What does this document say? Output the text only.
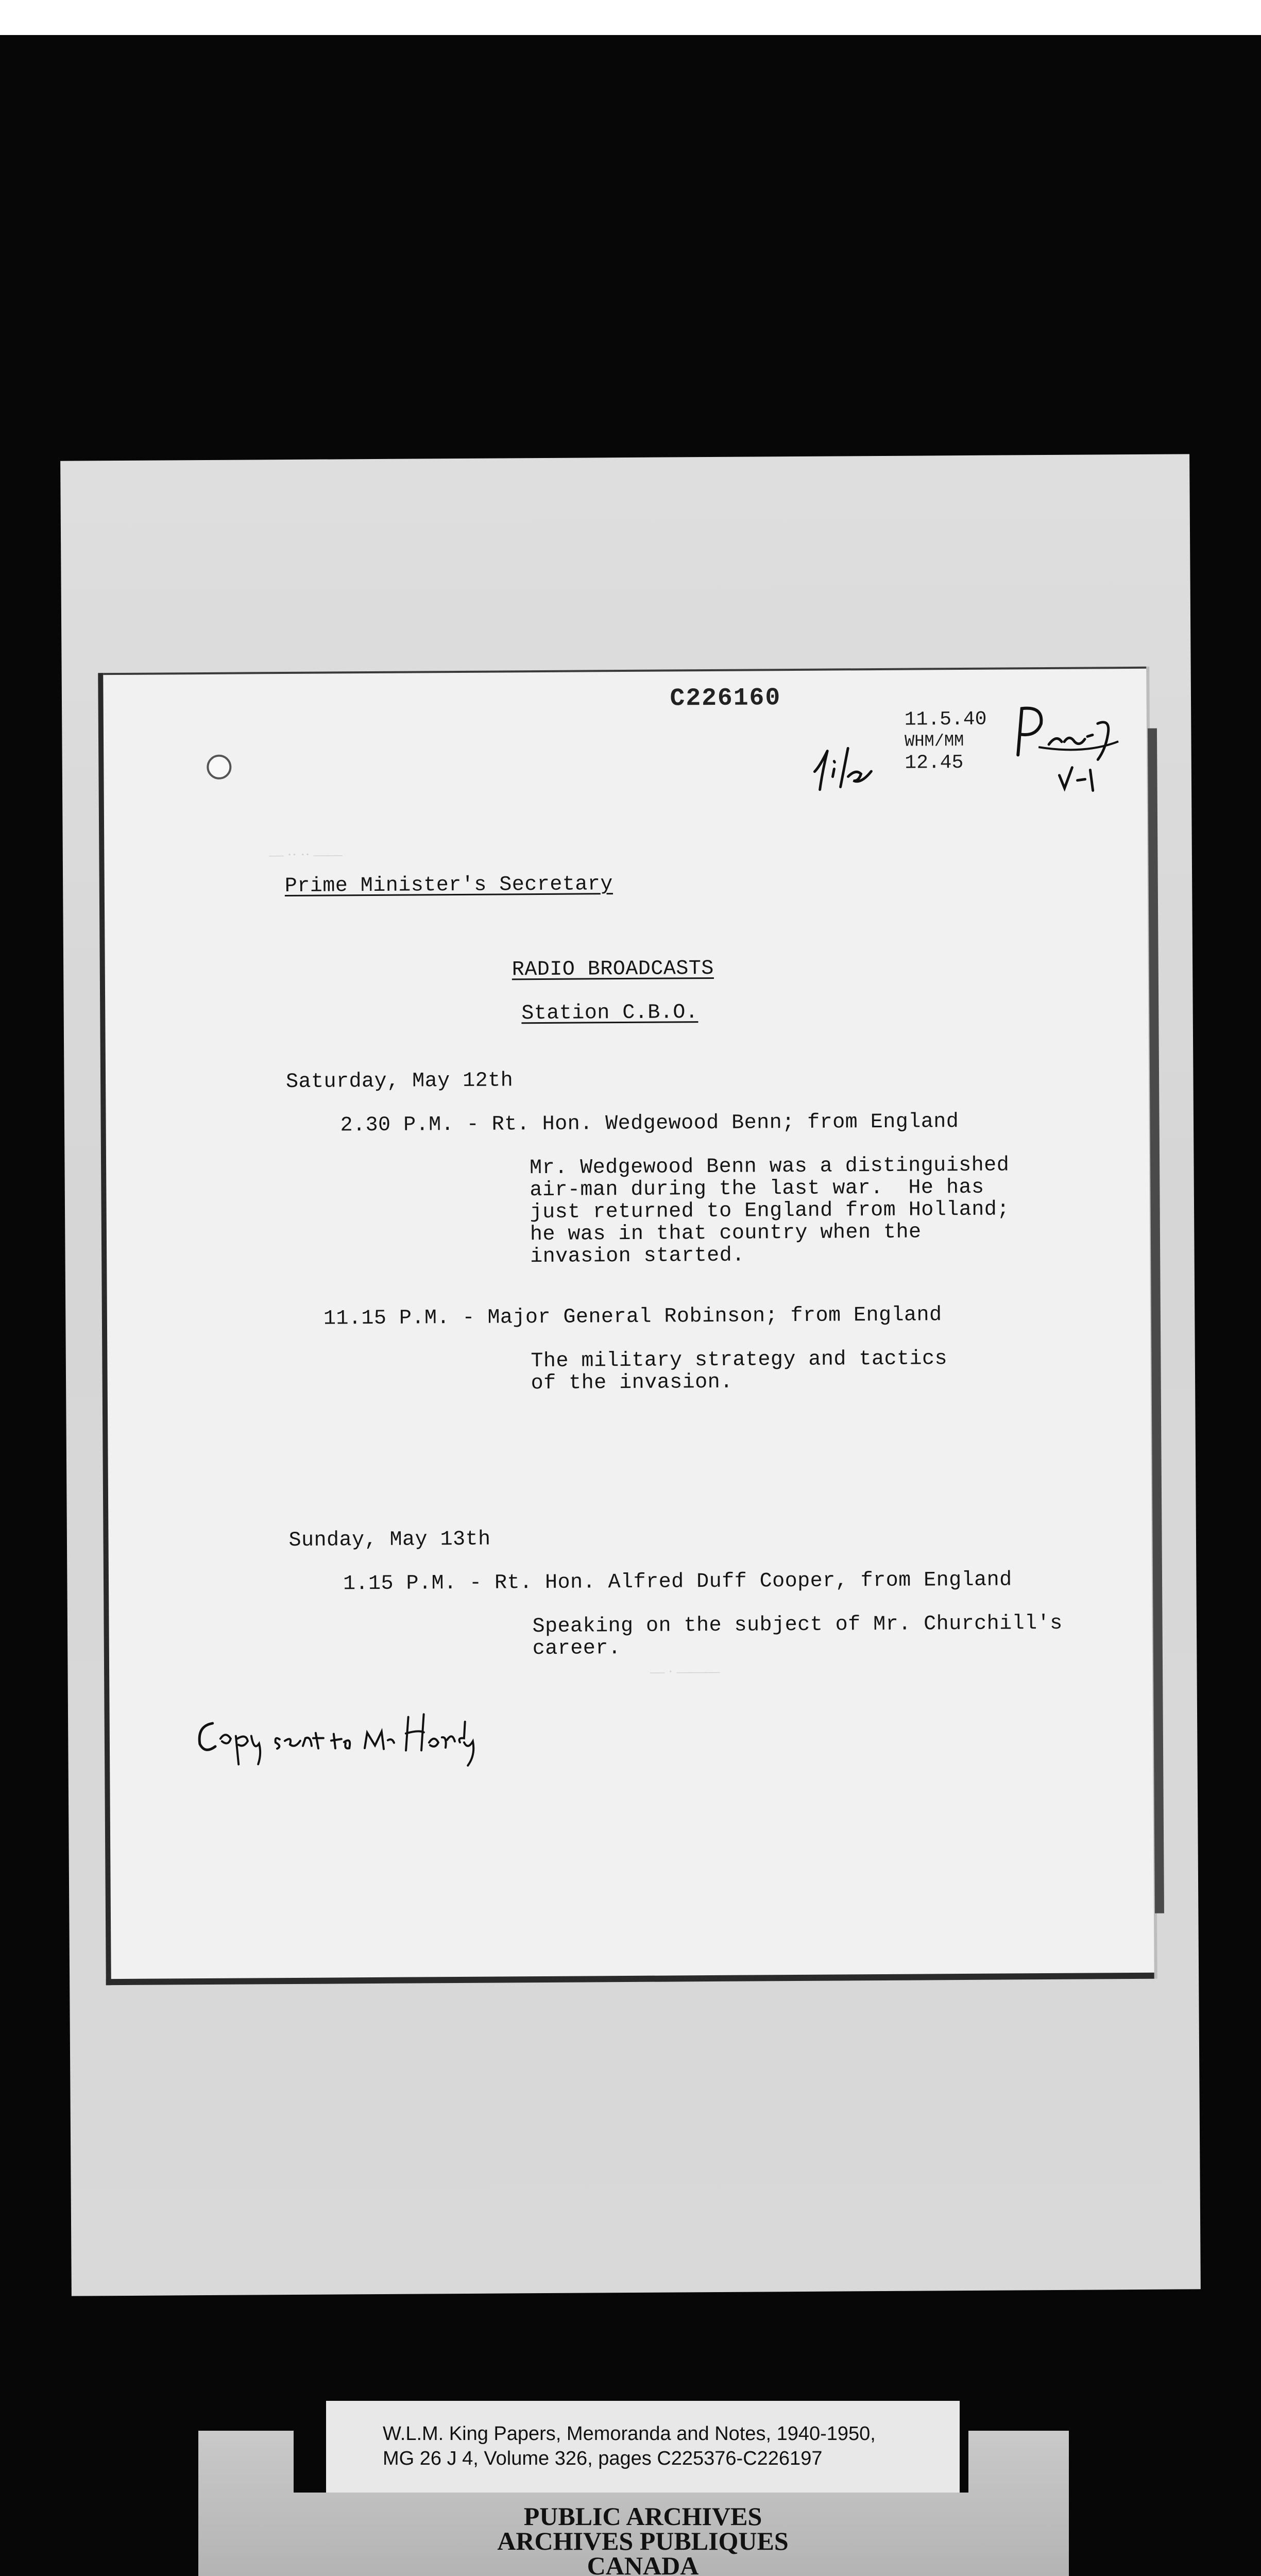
C226160
11.5.40
WHM/MM
12.45
— ·· ·· ——
Prime Minister's Secretary
RADIO BROADCASTS
Station C.B.O.
Saturday, May 12th
2.30 P.M. - Rt. Hon. Wedgewood Benn; from England
Mr. Wedgewood Benn was a distinguished
air-man during the last war.  He has
just returned to England from Holland;
he was in that country when the
invasion started.
11.15 P.M. - Major General Robinson; from England
The military strategy and tactics
of the invasion.
Sunday, May 13th
1.15 P.M. - Rt. Hon. Alfred Duff Cooper, from England
Speaking on the subject of Mr. Churchill's
career.
— · ———
W.L.M. King Papers, Memoranda and Notes, 1940-1950,
MG 26 J 4, Volume 326, pages C225376-C226197
PUBLIC ARCHIVES
ARCHIVES PUBLIQUES
CANADA
